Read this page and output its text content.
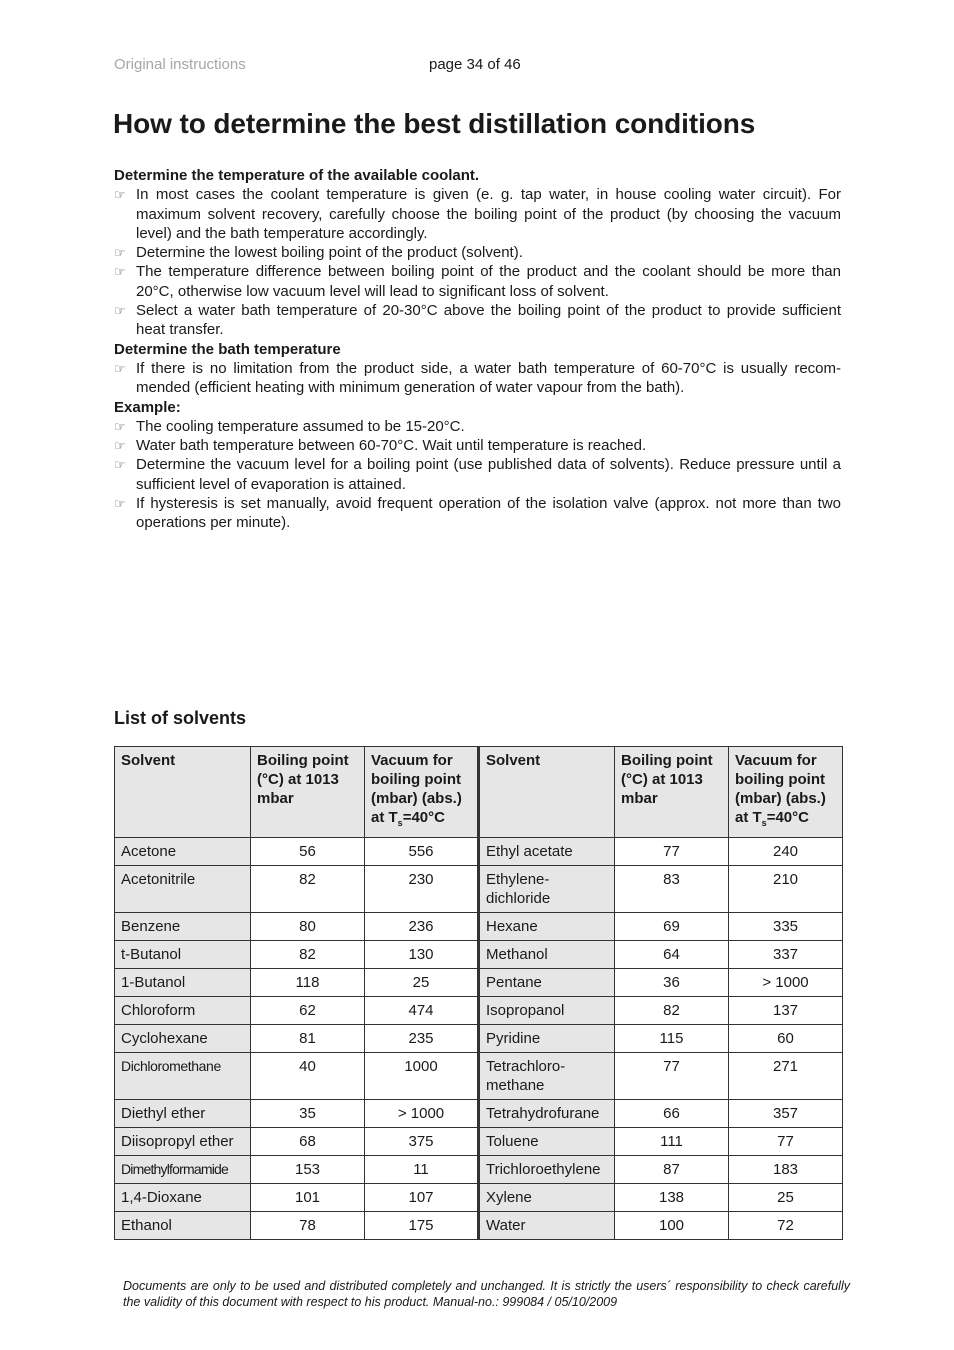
Original instructions	page 34 of 46
How to determine the best distillation conditions
Determine the temperature of the available coolant.
☞ In most cases the coolant temperature is given (e. g. tap water, in house cooling water circuit). For maximum solvent recovery, carefully choose the boiling point of the product (by choosing the vacuum level) and the bath temperature accordingly.
☞ Determine the lowest boiling point of the product (solvent).
☞ The temperature difference between boiling point of the product and the coolant should be more than 20°C, otherwise low vacuum level will lead to significant loss of solvent.
☞ Select a water bath temperature of 20-30°C above the boiling point of the product to provide sufficient heat transfer.
Determine the bath temperature
☞ If there is no limitation from the product side, a water bath temperature of 60-70°C is usually recom-mended (efficient heating with minimum generation of water vapour from the bath).
Example:
☞ The cooling temperature assumed to be 15-20°C.
☞ Water bath temperature between 60-70°C. Wait until temperature is reached.
☞ Determine the vacuum level for a boiling point (use published data of solvents). Reduce pressure until a sufficient level of evaporation is attained.
☞ If hysteresis is set manually, avoid frequent operation of the isolation valve (approx. not more than two operations per minute).
List of solvents
Solvent	Boiling point (°C) at 1013 mbar	Vacuum for boiling point (mbar) (abs.) at $T_s=40^\circ C$	Solvent	Boiling point (°C) at 1013 mbar	Vacuum for boiling point (mbar) (abs.) at $T_s=40^\circ C$
Acetone	56	556	Ethyl acetate	77	240
Acetonitrile	82	230	Ethylene-dichloride	83	210
Benzene	80	236	Hexane	69	335
t-Butanol	82	130	Methanol	64	337
1-Butanol	118	25	Pentane	36	> 1000
Chloroform	62	474	Isopropanol	82	137
Cyclohexane	81	235	Pyridine	115	60
Dichloromethane	40	1000	Tetrachloro-methane	77	271
Diethyl ether	35	> 1000	Tetrahydrofurane	66	357
Diisopropyl ether	68	375	Toluene	111	77
Dimethylformamide	153	11	Trichloroethylene	87	183
1,4-Dioxane	101	107	Xylene	138	25
Ethanol	78	175	Water	100	72
Documents are only to be used and distributed completely and unchanged. It is strictly the users´ responsibility to check carefully the validity of this document with respect to his product. Manual-no.: 999084 / 05/10/2009
